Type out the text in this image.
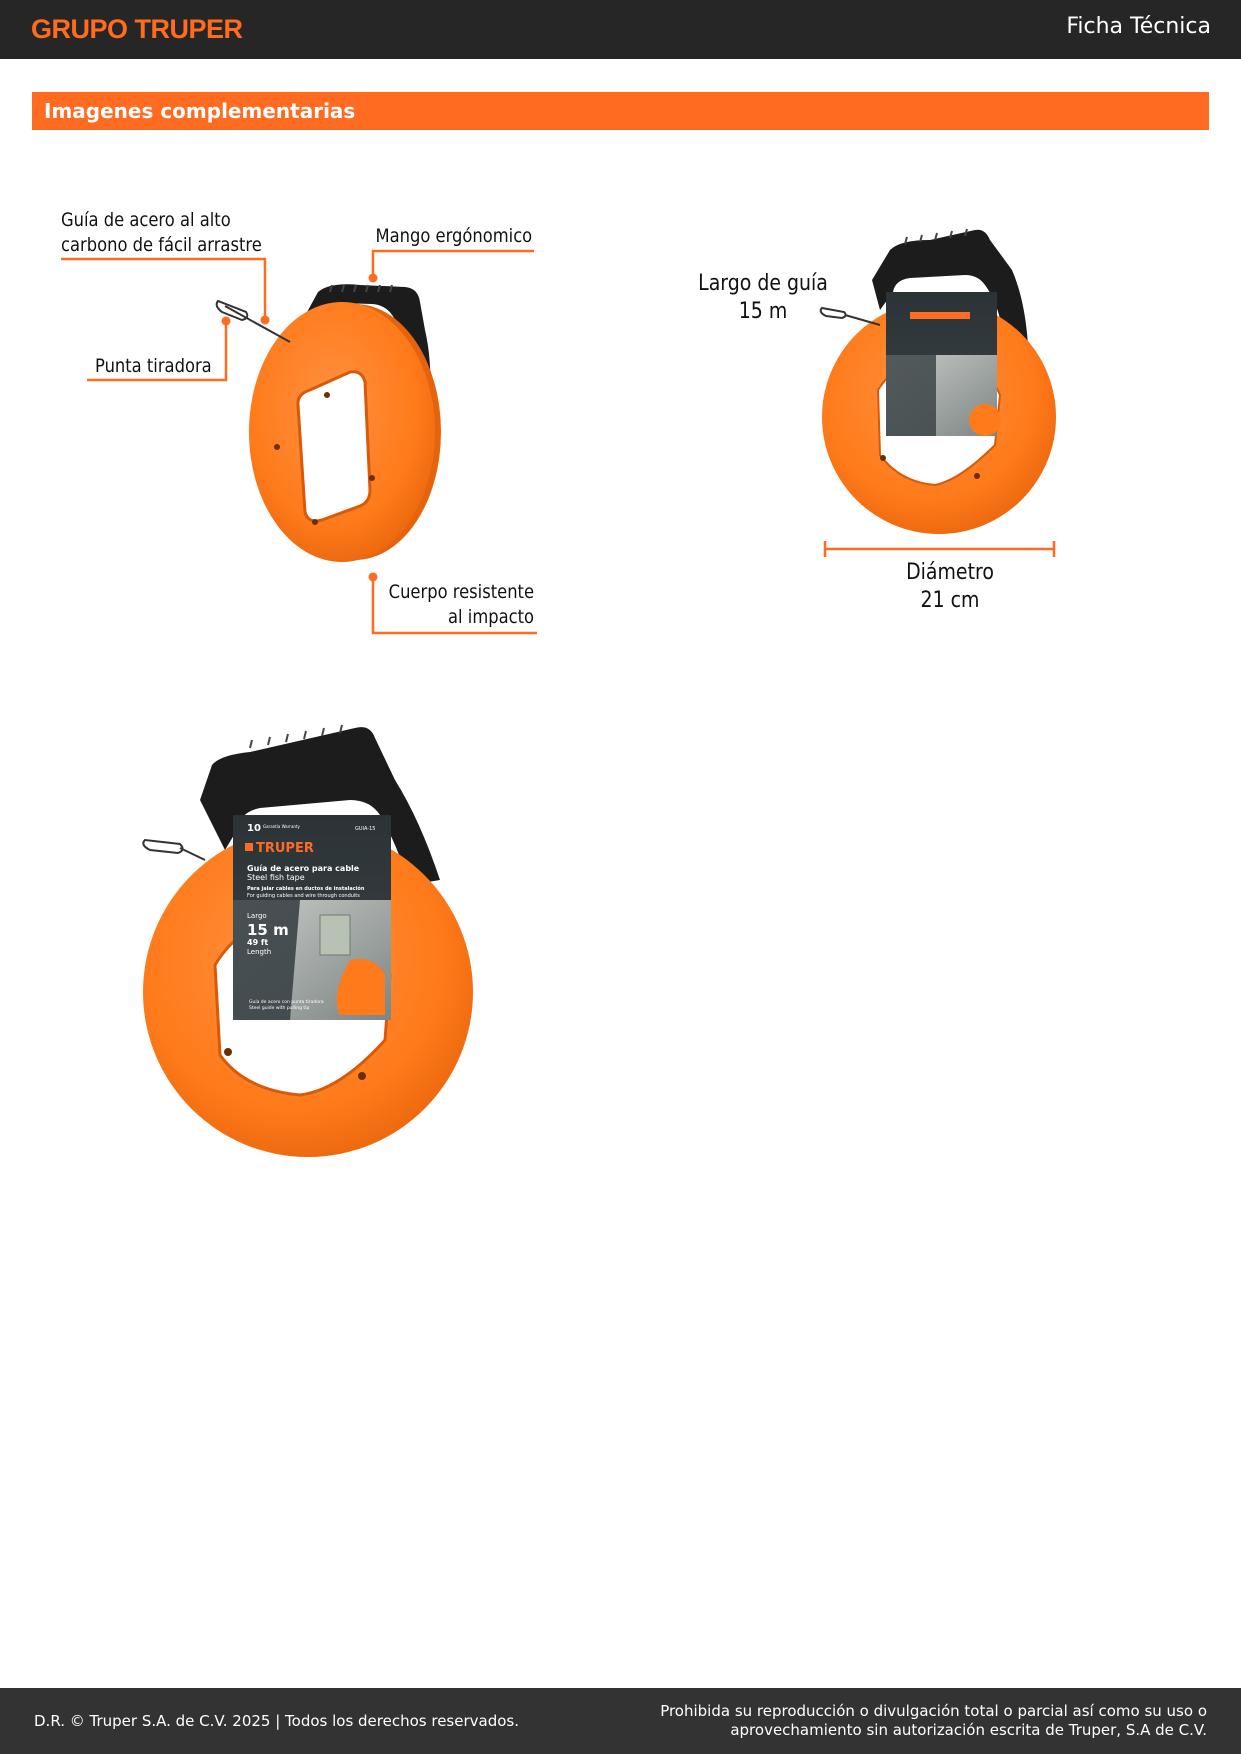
GRUPO TRUPER	Ficha Técnica
Imagenes complementarias
10 Garantía Warranty	GUIA-15
TRUPER
Guía de acero para cable
Steel fish tape
Para jalar cables en ductos de instalación
For guiding cables and wire through conduits
Largo
15 m
49 ft
Length
Guía de acero con punta tiradora
Steel guide with pulling tip
Guía de acero al alto
carbono de fácil arrastre	Mango ergónomico
Punta tiradora
Cuerpo resistente
al impacto
Largo de guía
15 m
Diámetro
21 cm
D.R. © Truper S.A. de C.V. 2025 | Todos los derechos reservados.
Prohibida su reproducción o divulgación total o parcial así como su uso o
aprovechamiento sin autorización escrita de Truper, S.A de C.V.
